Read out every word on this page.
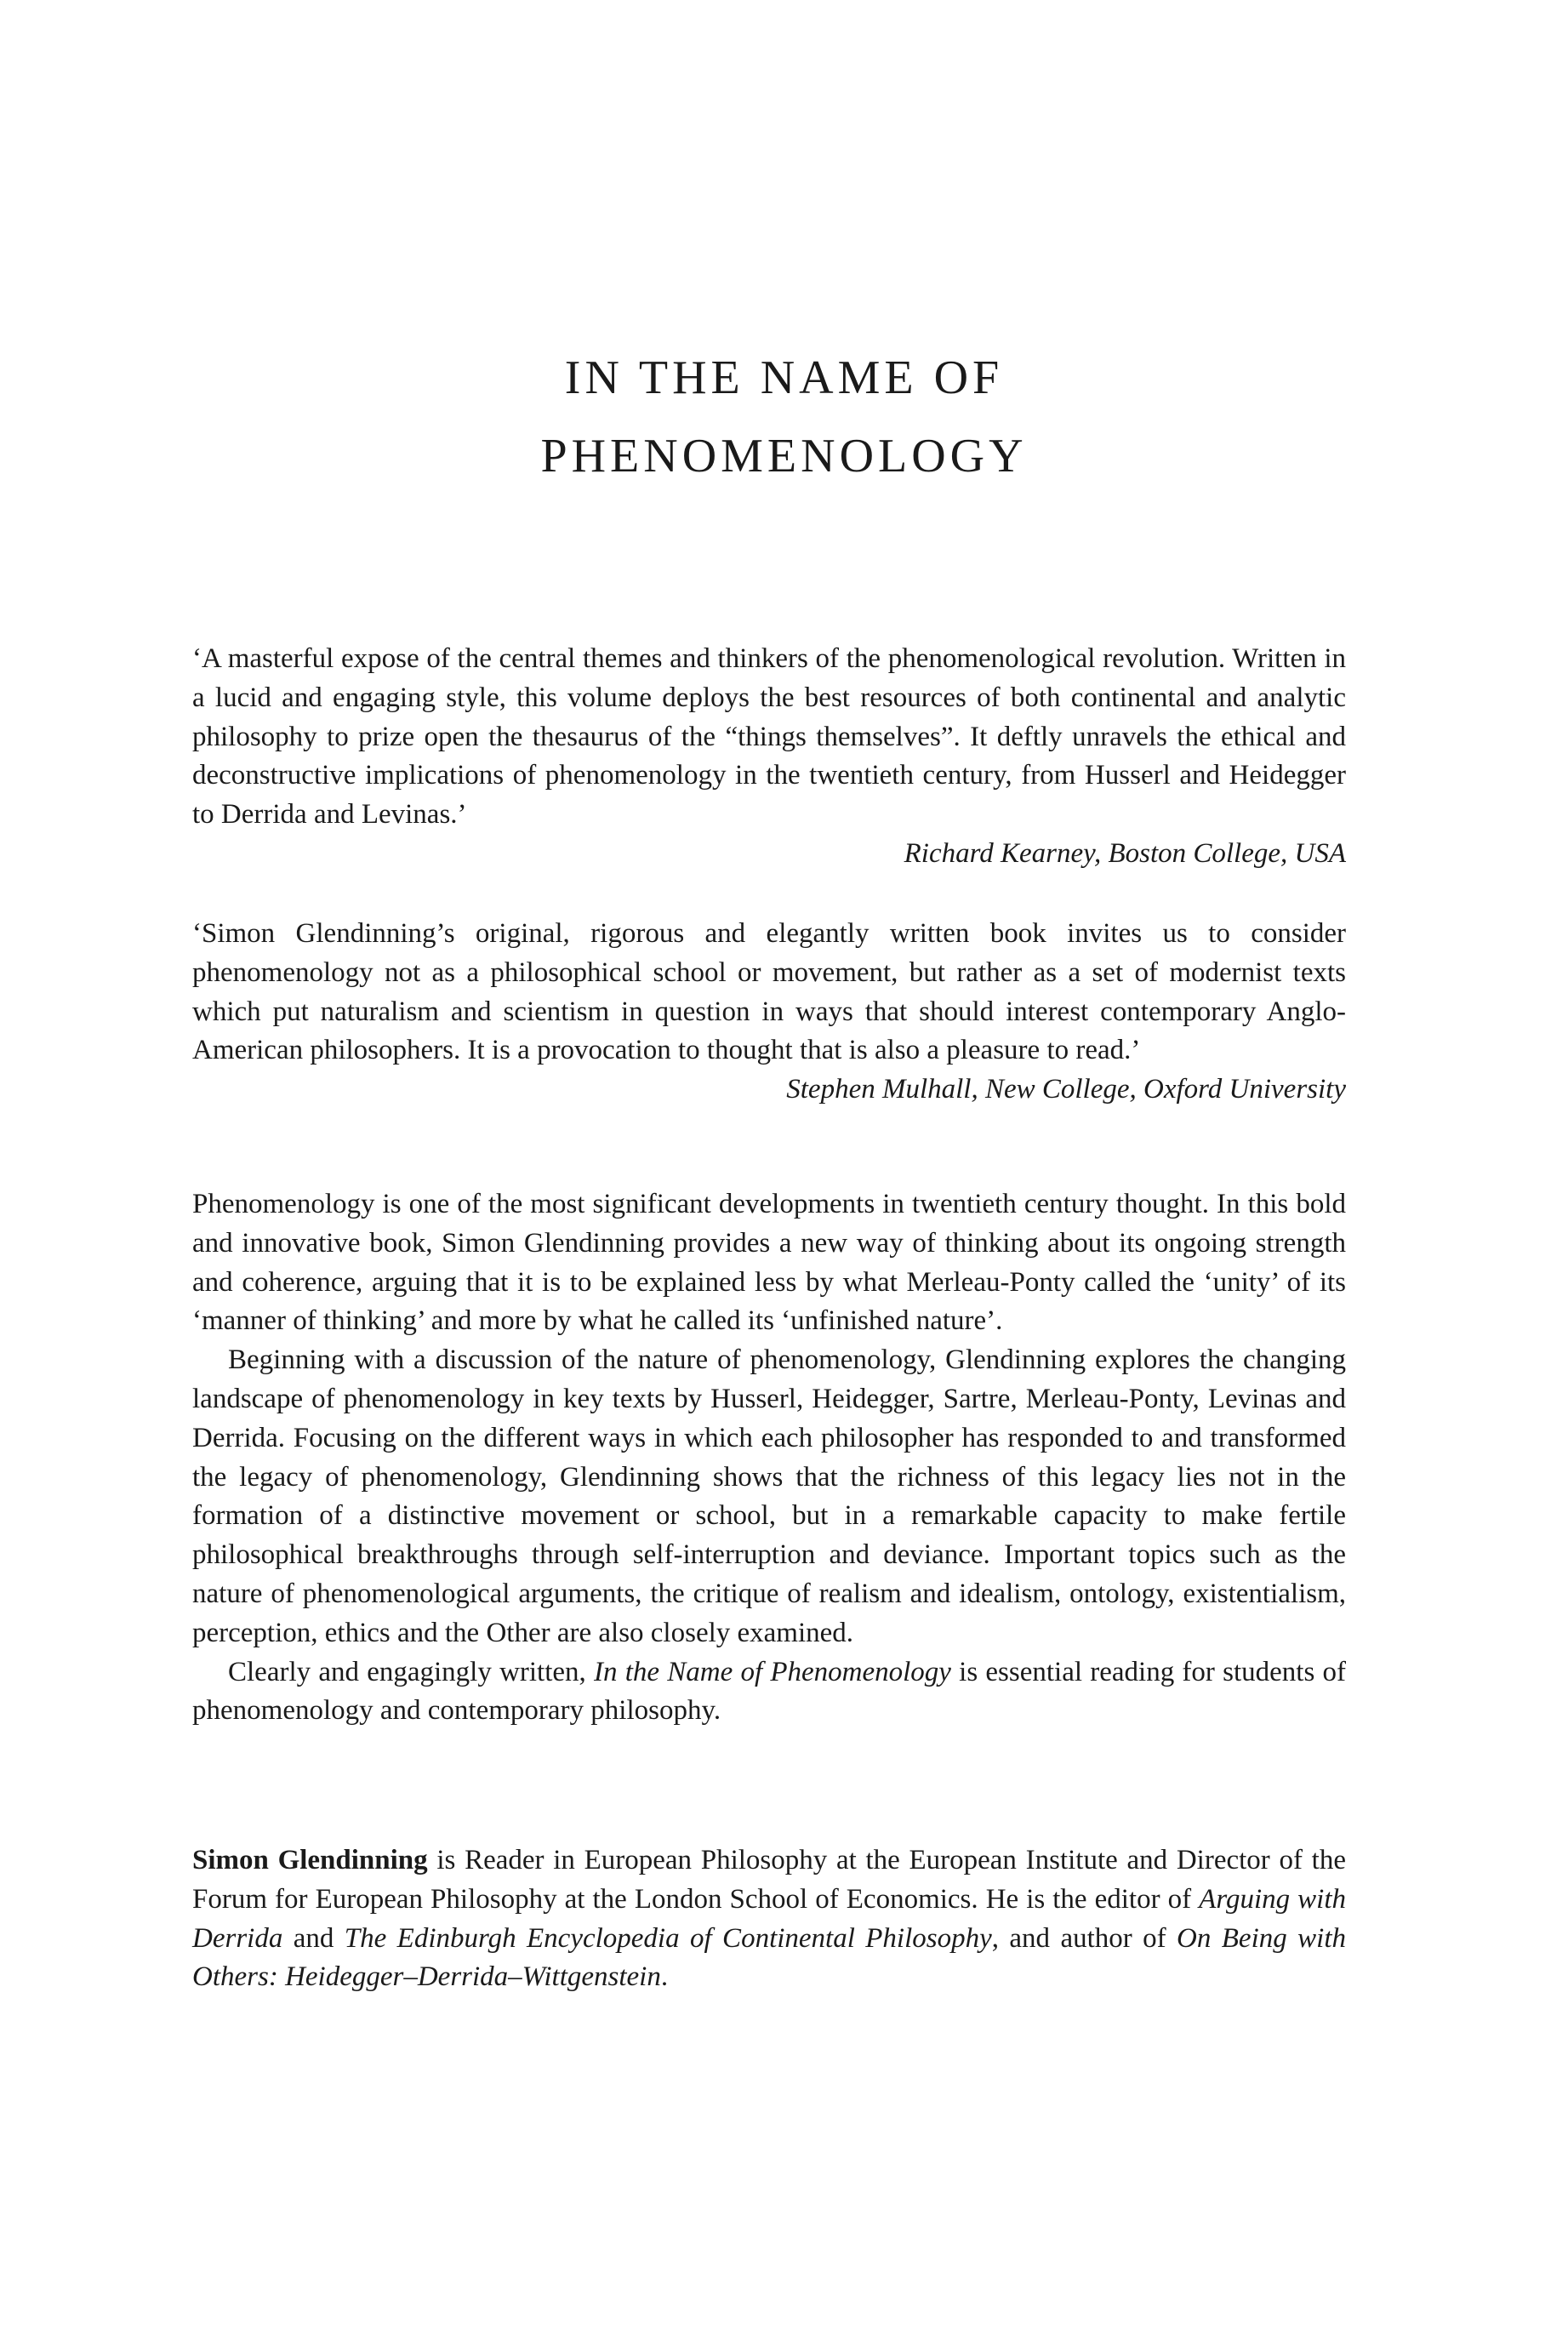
IN THE NAME OF
PHENOMENOLOGY

‘A masterful expose of the central themes and thinkers of the phenomenological revolution. Written in a lucid and engaging style, this volume deploys the best resources of both continental and analytic philosophy to prize open the thesaurus of the “things themselves”. It deftly unravels the ethical and deconstructive implications of phenomenology in the twentieth century, from Husserl and Heidegger to Derrida and Levinas.’

Richard Kearney, Boston College, USA

‘Simon Glendinning’s original, rigorous and elegantly written book invites us to consider phenomenology not as a philosophical school or movement, but rather as a set of modernist texts which put naturalism and scientism in question in ways that should interest contemporary Anglo-American philosophers. It is a provocation to thought that is also a pleasure to read.’

Stephen Mulhall, New College, Oxford University

Phenomenology is one of the most significant developments in twentieth century thought. In this bold and innovative book, Simon Glendinning provides a new way of thinking about its ongoing strength and coherence, arguing that it is to be explained less by what Merleau-Ponty called the ‘unity’ of its ‘manner of thinking’ and more by what he called its ‘unfinished nature’.

Beginning with a discussion of the nature of phenomenology, Glendinning explores the changing landscape of phenomenology in key texts by Husserl, Heidegger, Sartre, Merleau-Ponty, Levinas and Derrida. Focusing on the different ways in which each philosopher has responded to and transformed the legacy of phenomenology, Glendinning shows that the richness of this legacy lies not in the formation of a distinctive movement or school, but in a remarkable capacity to make fertile philosophical breakthroughs through self-interruption and deviance. Important topics such as the nature of phenomenological arguments, the critique of realism and idealism, ontology, existentialism, perception, ethics and the Other are also closely examined.

Clearly and engagingly written, In the Name of Phenomenology is essential reading for students of phenomenology and contemporary philosophy.

Simon Glendinning is Reader in European Philosophy at the European Institute and Director of the Forum for European Philosophy at the London School of Economics. He is the editor of Arguing with Derrida and The Edinburgh Encyclopedia of Continental Philosophy, and author of On Being with Others: Heidegger–Derrida–Wittgenstein.
